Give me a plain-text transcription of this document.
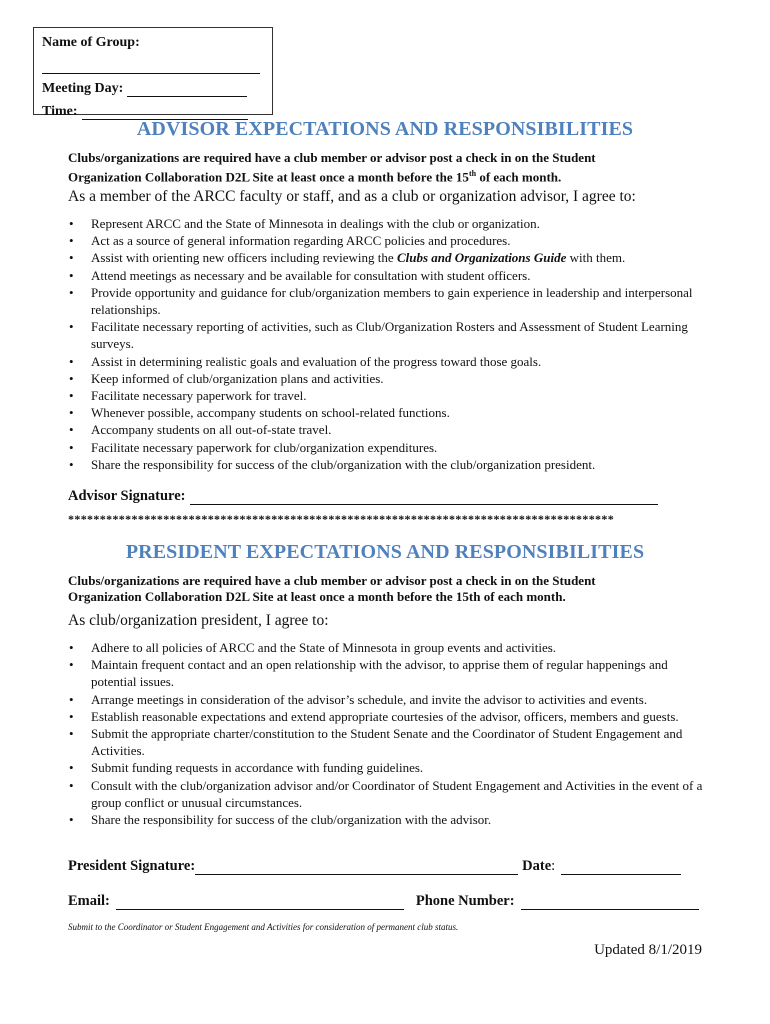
Name of Group:
Meeting Day:
Time:
ADVISOR EXPECTATIONS AND RESPONSIBILITIES
Clubs/organizations are required have a club member or advisor post a check in on the Student
Organization Collaboration D2L Site at least once a month before the 15th of each month.
As a member of the ARCC faculty or staff, and as a club or organization advisor, I agree to:
• Represent ARCC and the State of Minnesota in dealings with the club or organization.
• Act as a source of general information regarding ARCC policies and procedures.
• Assist with orienting new officers including reviewing the Clubs and Organizations Guide with them.
• Attend meetings as necessary and be available for consultation with student officers.
• Provide opportunity and guidance for club/organization members to gain experience in leadership and interpersonal relationships.
• Facilitate necessary reporting of activities, such as Club/Organization Rosters and Assessment of Student Learning surveys.
• Assist in determining realistic goals and evaluation of the progress toward those goals.
• Keep informed of club/organization plans and activities.
• Facilitate necessary paperwork for travel.
• Whenever possible, accompany students on school-related functions.
• Accompany students on all out-of-state travel.
• Facilitate necessary paperwork for club/organization expenditures.
• Share the responsibility for success of the club/organization with the club/organization president.
Advisor Signature:
**************************************************************************************
PRESIDENT EXPECTATIONS AND RESPONSIBILITIES
Clubs/organizations are required have a club member or advisor post a check in on the Student
Organization Collaboration D2L Site at least once a month before the 15th of each month.
As club/organization president, I agree to:
• Adhere to all policies of ARCC and the State of Minnesota in group events and activities.
• Maintain frequent contact and an open relationship with the advisor, to apprise them of regular happenings and potential issues.
• Arrange meetings in consideration of the advisor’s schedule, and invite the advisor to activities and events.
• Establish reasonable expectations and extend appropriate courtesies of the advisor, officers, members and guests.
• Submit the appropriate charter/constitution to the Student Senate and the Coordinator of Student Engagement and Activities.
• Submit funding requests in accordance with funding guidelines.
• Consult with the club/organization advisor and/or Coordinator of Student Engagement and Activities in the event of a group conflict or unusual circumstances.
• Share the responsibility for success of the club/organization with the advisor.
President Signature:	Date :
Email:	Phone Number:
Submit to the Coordinator or Student Engagement and Activities for consideration of permanent club status.
Updated 8/1/2019
